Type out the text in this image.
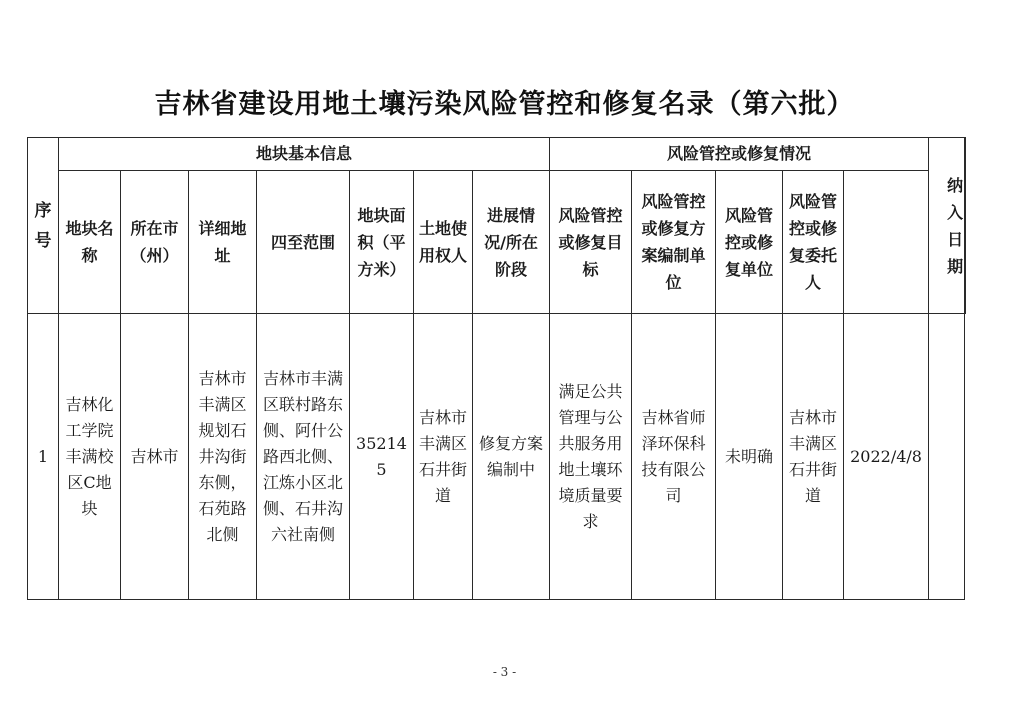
吉林省建设用地土壤污染风险管控和修复名录（第六批）
序号	地块基本信息							风险管控或修复情况					纳入日期	
	地块名称	所在市（州）	详细地址	四至范围	地块面积（平方米）	土地使用权人	进展情况/所在阶段	风险管控或修复目标	风险管控或修复方案编制单位	风险管控或修复单位	风险管控或修复委托人			
1	吉林化工学院丰满校区C地块	吉林市	吉林市丰满区规划石井沟街东侧，石苑路北侧	吉林市丰满区联村路东侧、阿什公路西北侧、江炼小区北侧、石井沟六社南侧	352145	吉林市丰满区石井街道	修复方案编制中	满足公共管理与公共服务用地土壤环境质量要求	吉林省师泽环保科技有限公司	未明确	吉林市丰满区石井街道	2022/4/8		
- 3 -
